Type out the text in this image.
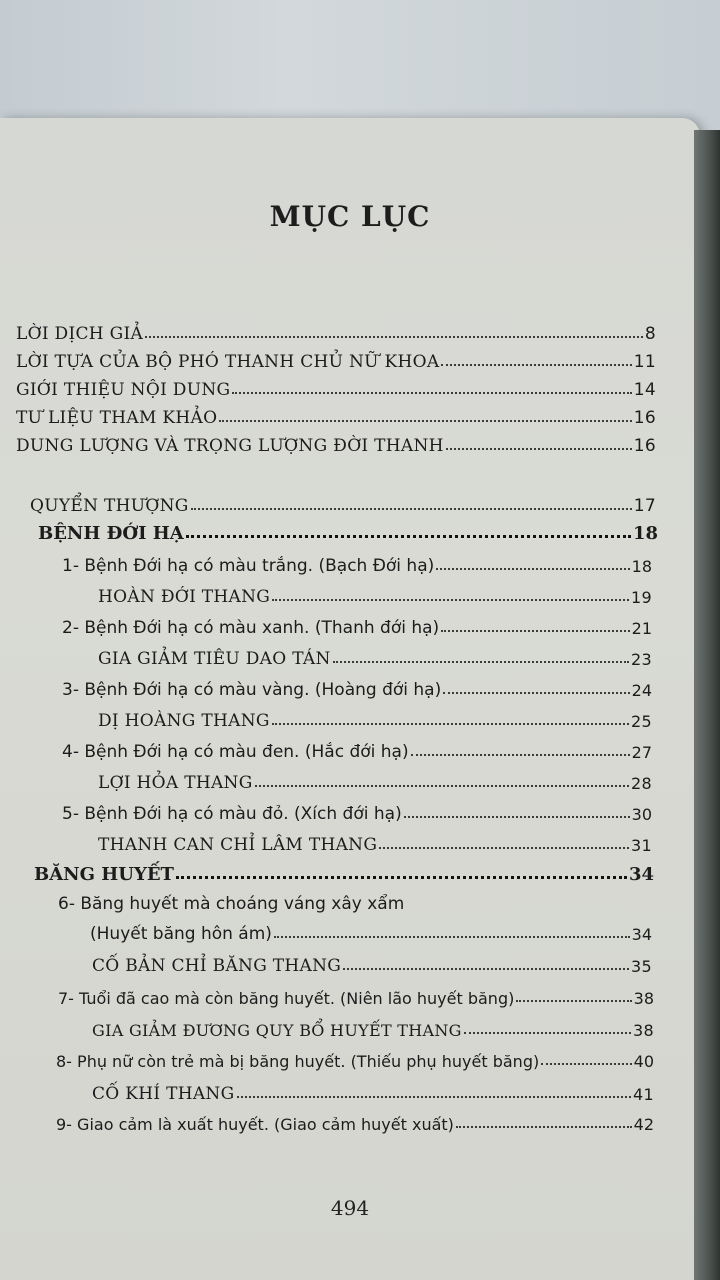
MỤC LỤC
LỜI DỊCH GIẢ	8
LỜI TỰA CỦA BỘ PHÓ THANH CHỦ NỮ KHOA	11
GIỚI THIỆU NỘI DUNG	14
TƯ LIỆU THAM KHẢO	16
DUNG LƯỢNG VÀ TRỌNG LƯỢNG ĐỜI THANH	16
QUYỂN THƯỢNG	17
BỆNH ĐỚI HẠ	18
1- Bệnh Đới hạ có màu trắng. (Bạch Đới hạ)	18
HOÀN ĐỚI THANG	19
2- Bệnh Đới hạ có màu xanh. (Thanh đới hạ)	21
GIA GIẢM TIÊU DAO TÁN	23
3- Bệnh Đới hạ có màu vàng. (Hoàng đới hạ)	24
DỊ HOÀNG THANG	25
4- Bệnh Đới hạ có màu đen. (Hắc đới hạ)	27
LỢI HỎA THANG	28
5- Bệnh Đới hạ có màu đỏ. (Xích đới hạ)	30
THANH CAN CHỈ LÂM THANG	31
BĂNG HUYẾT	34
6- Băng huyết mà choáng váng xây xẩm
(Huyết băng hôn ám)	34
CỐ BẢN CHỈ BĂNG THANG	35
7- Tuổi đã cao mà còn băng huyết. (Niên lão huyết băng)	38
GIA GIẢM ĐƯƠNG QUY BỔ HUYẾT THANG	38
8- Phụ nữ còn trẻ mà bị băng huyết. (Thiếu phụ huyết băng)	40
CỐ KHÍ THANG	41
9- Giao cảm là xuất huyết. (Giao cảm huyết xuất)	42
494
